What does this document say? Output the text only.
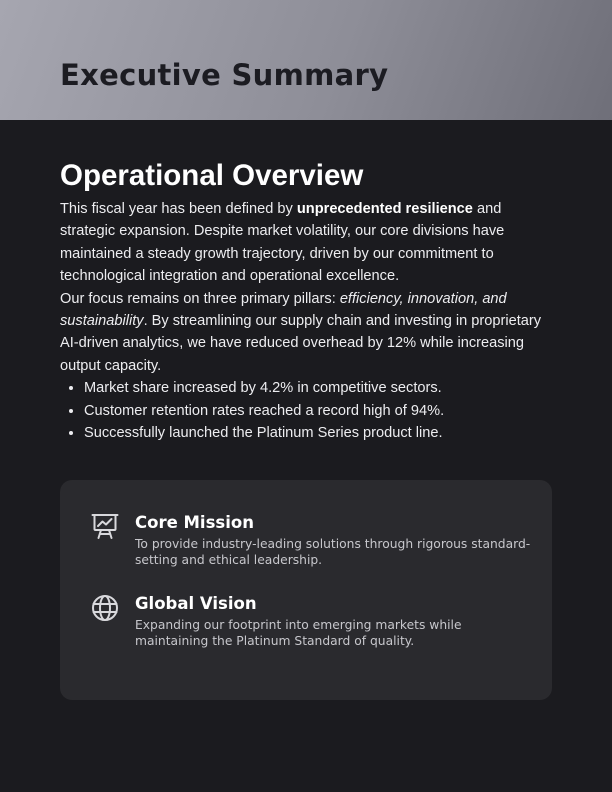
Executive Summary
Operational Overview

This fiscal year has been defined by unprecedented resilience and strategic expansion. Despite market volatility, our core divisions have maintained a steady growth trajectory, driven by our commitment to technological integration and operational excellence.

Our focus remains on three primary pillars: efficiency, innovation, and sustainability. By streamlining our supply chain and investing in proprietary AI-driven analytics, we have reduced overhead by 12% while increasing output capacity.

• Market share increased by 4.2% in competitive sectors.
• Customer retention rates reached a record high of 94%.
• Successfully launched the Platinum Series product line.
Core Mission

To provide industry-leading solutions through rigorous standard-setting and ethical leadership.

Global Vision

Expanding our footprint into emerging markets while maintaining the Platinum Standard of quality.
